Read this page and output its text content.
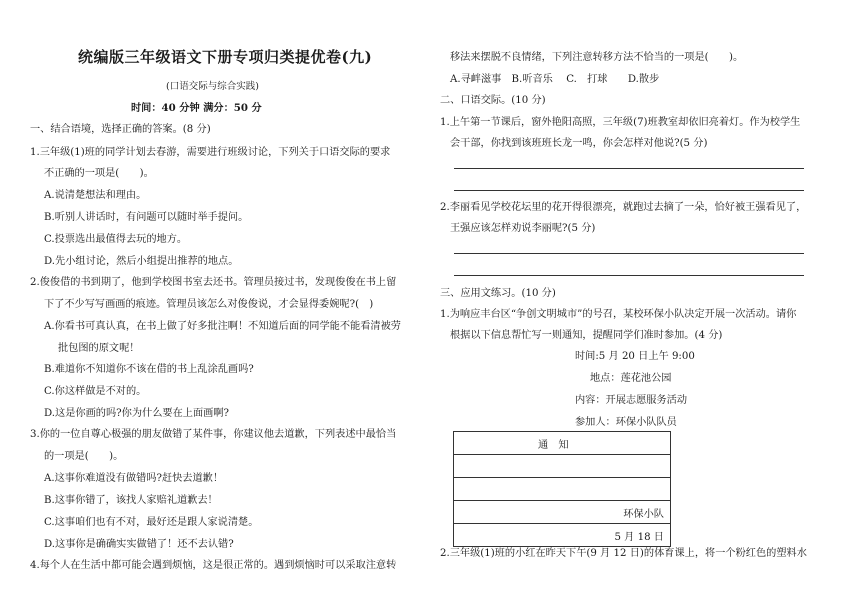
统编版三年级语文下册专项归类提优卷(九)
(口语交际与综合实践)
时间：40 分钟 满分：50 分
一、结合语境，选择正确的答案。(8 分)
1.三年级(1)班的同学计划去春游，需要进行班级讨论，下列关于口语交际的要求
不正确的一项是(　　)。
A.说清楚想法和理由。
B.听别人讲话时，有问题可以随时举手提问。
C.投票选出最值得去玩的地方。
D.先小组讨论，然后小组提出推荐的地点。
2.俊俊借的书到期了，他到学校图书室去还书。管理员接过书，发现俊俊在书上留
下了不少写写画画的痕迹。管理员该怎么对俊俊说，才会显得委婉呢?(　)
A.你看书可真认真，在书上做了好多批注啊！不知道后面的同学能不能看清被劳
批包图的原文呢！
B.难道你不知道你不该在借的书上乱涂乱画吗?
C.你这样做是不对的。
D.这是你画的吗?你为什么要在上面画啊?
3.你的一位自尊心极强的朋友做错了某件事，你建议他去道歉，下列表述中最恰当
的一项是(　　)。
A.这事你难道没有做错吗?赶快去道歉！
B.这事你错了，该找人家赔礼道歉去！
C.这事咱们也有不对，最好还是跟人家说清楚。
D.这事你是确确实实做错了！还不去认错?
4.每个人在生活中都可能会遇到烦恼，这是很正常的。遇到烦恼时可以采取注意转
移法来摆脱不良情绪，下列注意转移方法不恰当的一项是(　　)。
A.寻衅滋事　B.听音乐　 C.　打球　　D.散步
二、口语交际。(10 分)
1.上午第一节课后，窗外艳阳高照，三年级(7)班教室却依旧亮着灯。作为校学生
会干部，你找到该班班长龙一鸣，你会怎样对他说?(5 分)
2.李丽看见学校花坛里的花开得很漂亮，就跑过去摘了一朵，恰好被王强看见了，
王强应该怎样劝说李丽呢?(5 分)
三、应用文练习。(10 分)
1.为响应丰台区“争创文明城市”的号召，某校环保小队决定开展一次活动。请你
根据以下信息帮忙写一则通知，提醒同学们准时参加。(4 分)
时间:5 月 20 日上午 9:00
地点：莲花池公园
内容：开展志愿服务活动
参加人：环保小队队员
通　知

环保小队
5 月 18 日
2.三年级(1)班的小红在昨天下午(9 月 12 日)的体育课上，将一个粉红色的塑料水
